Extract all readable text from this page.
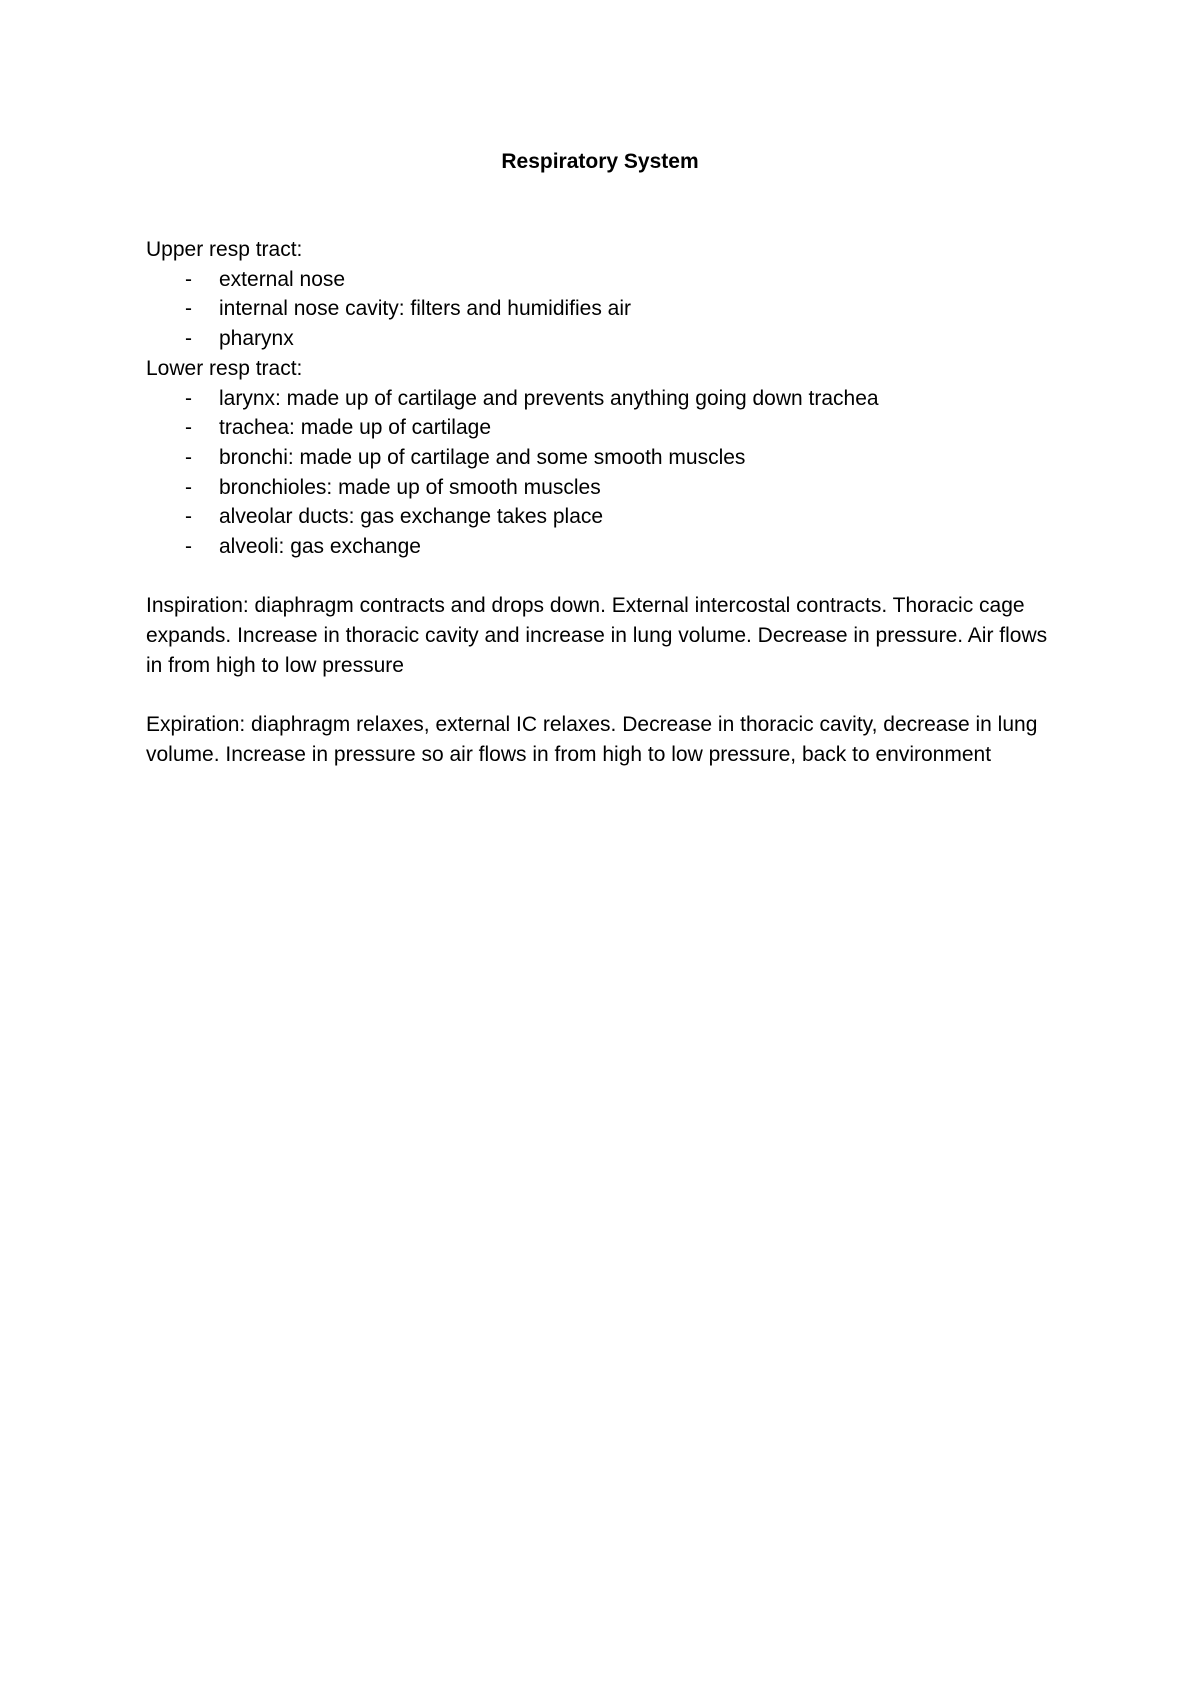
Respiratory System

Upper resp tract:

- external nose
- internal nose cavity: filters and humidifies air
- pharynx

Lower resp tract:

- larynx: made up of cartilage and prevents anything going down trachea
- trachea: made up of cartilage
- bronchi: made up of cartilage and some smooth muscles
- bronchioles: made up of smooth muscles
- alveolar ducts: gas exchange takes place
- alveoli: gas exchange

Inspiration: diaphragm contracts and drops down. External intercostal contracts. Thoracic cage expands. Increase in thoracic cavity and increase in lung volume. Decrease in pressure. Air flows in from high to low pressure

Expiration: diaphragm relaxes, external IC relaxes. Decrease in thoracic cavity, decrease in lung volume. Increase in pressure so air flows in from high to low pressure, back to environment
